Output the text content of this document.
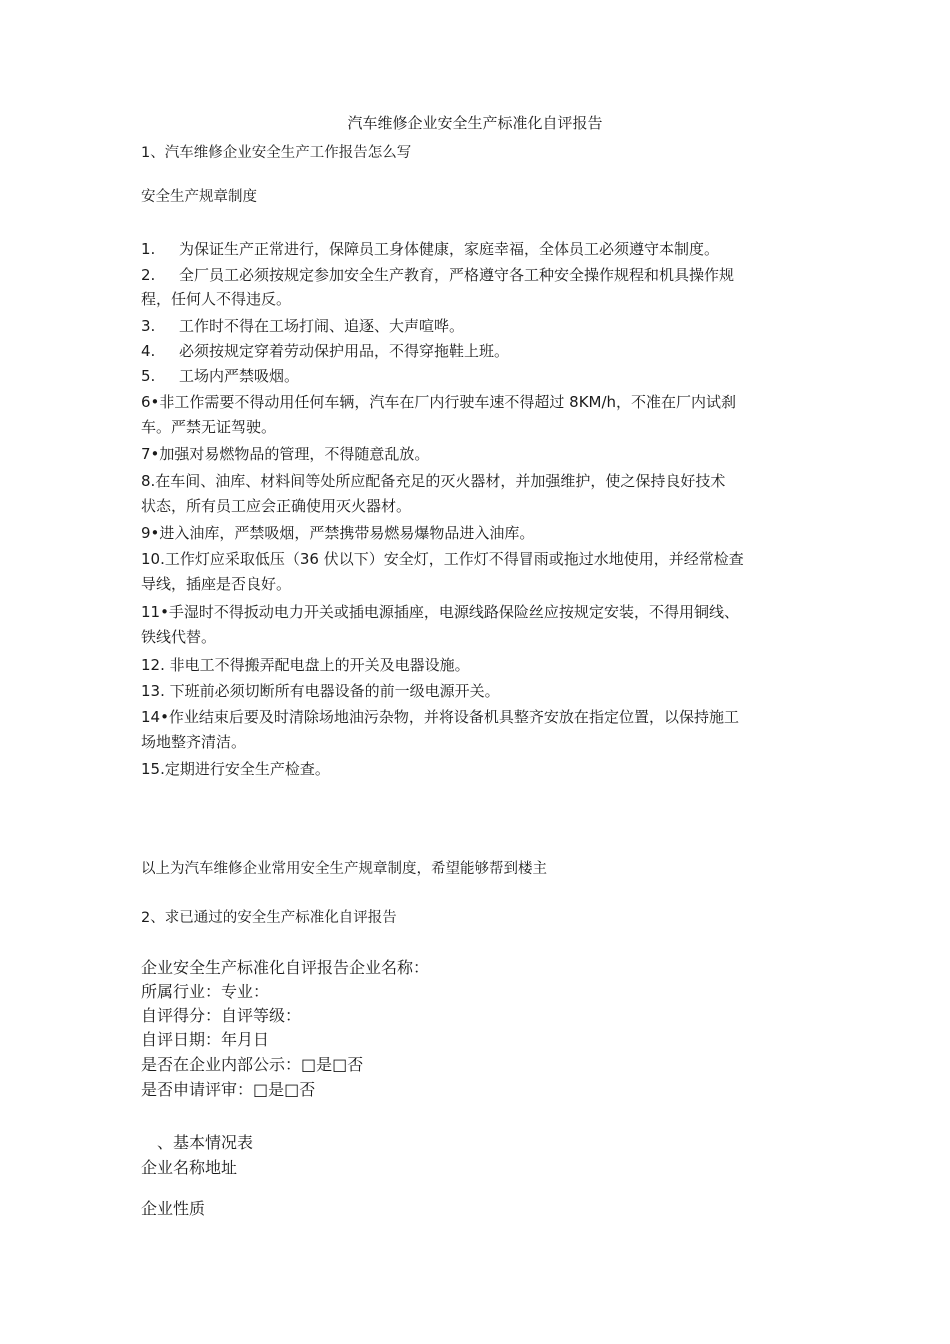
汽车维修企业安全生产标准化自评报告
1、汽车维修企业安全生产工作报告怎么写
安全生产规章制度
1. 为保证生产正常进行，保障员工身体健康，家庭幸福，全体员工必须遵守本制度。
2. 全厂员工必须按规定参加安全生产教育，严格遵守各工种安全操作规程和机具操作规
程，任何人不得违反。
3. 工作时不得在工场打闹、追逐、大声喧哗。
4. 必须按规定穿着劳动保护用品，不得穿拖鞋上班。
5. 工场内严禁吸烟。
6•非工作需要不得动用任何车辆，汽车在厂内行驶车速不得超过 8KM/h，不准在厂内试刹
车。严禁无证驾驶。
7•加强对易燃物品的管理，不得随意乱放。
8.在车间、油库、材料间等处所应配备充足的灭火器材，并加强维护，使之保持良好技术
状态，所有员工应会正确使用灭火器材。
9•进入油库，严禁吸烟，严禁携带易燃易爆物品进入油库。
10.工作灯应采取低压（36 伏以下）安全灯，工作灯不得冒雨或拖过水地使用，并经常检查
导线，插座是否良好。
11•手湿时不得扳动电力开关或插电源插座，电源线路保险丝应按规定安装，不得用铜线、
铁线代替。
12. 非电工不得搬弄配电盘上的开关及电器设施。
13. 下班前必须切断所有电器设备的前一级电源开关。
14•作业结束后要及时清除场地油污杂物，并将设备机具整齐安放在指定位置，以保持施工
场地整齐清洁。
15.定期进行安全生产检查。
以上为汽车维修企业常用安全生产规章制度，希望能够帮到楼主
2、求已通过的安全生产标准化自评报告
企业安全生产标准化自评报告企业名称：
所属行业：专业：
自评得分：自评等级：
自评日期：年月日
是否在企业内部公示：□是□否
是否申请评审：□是□否
、基本情况表
企业名称地址
企业性质
